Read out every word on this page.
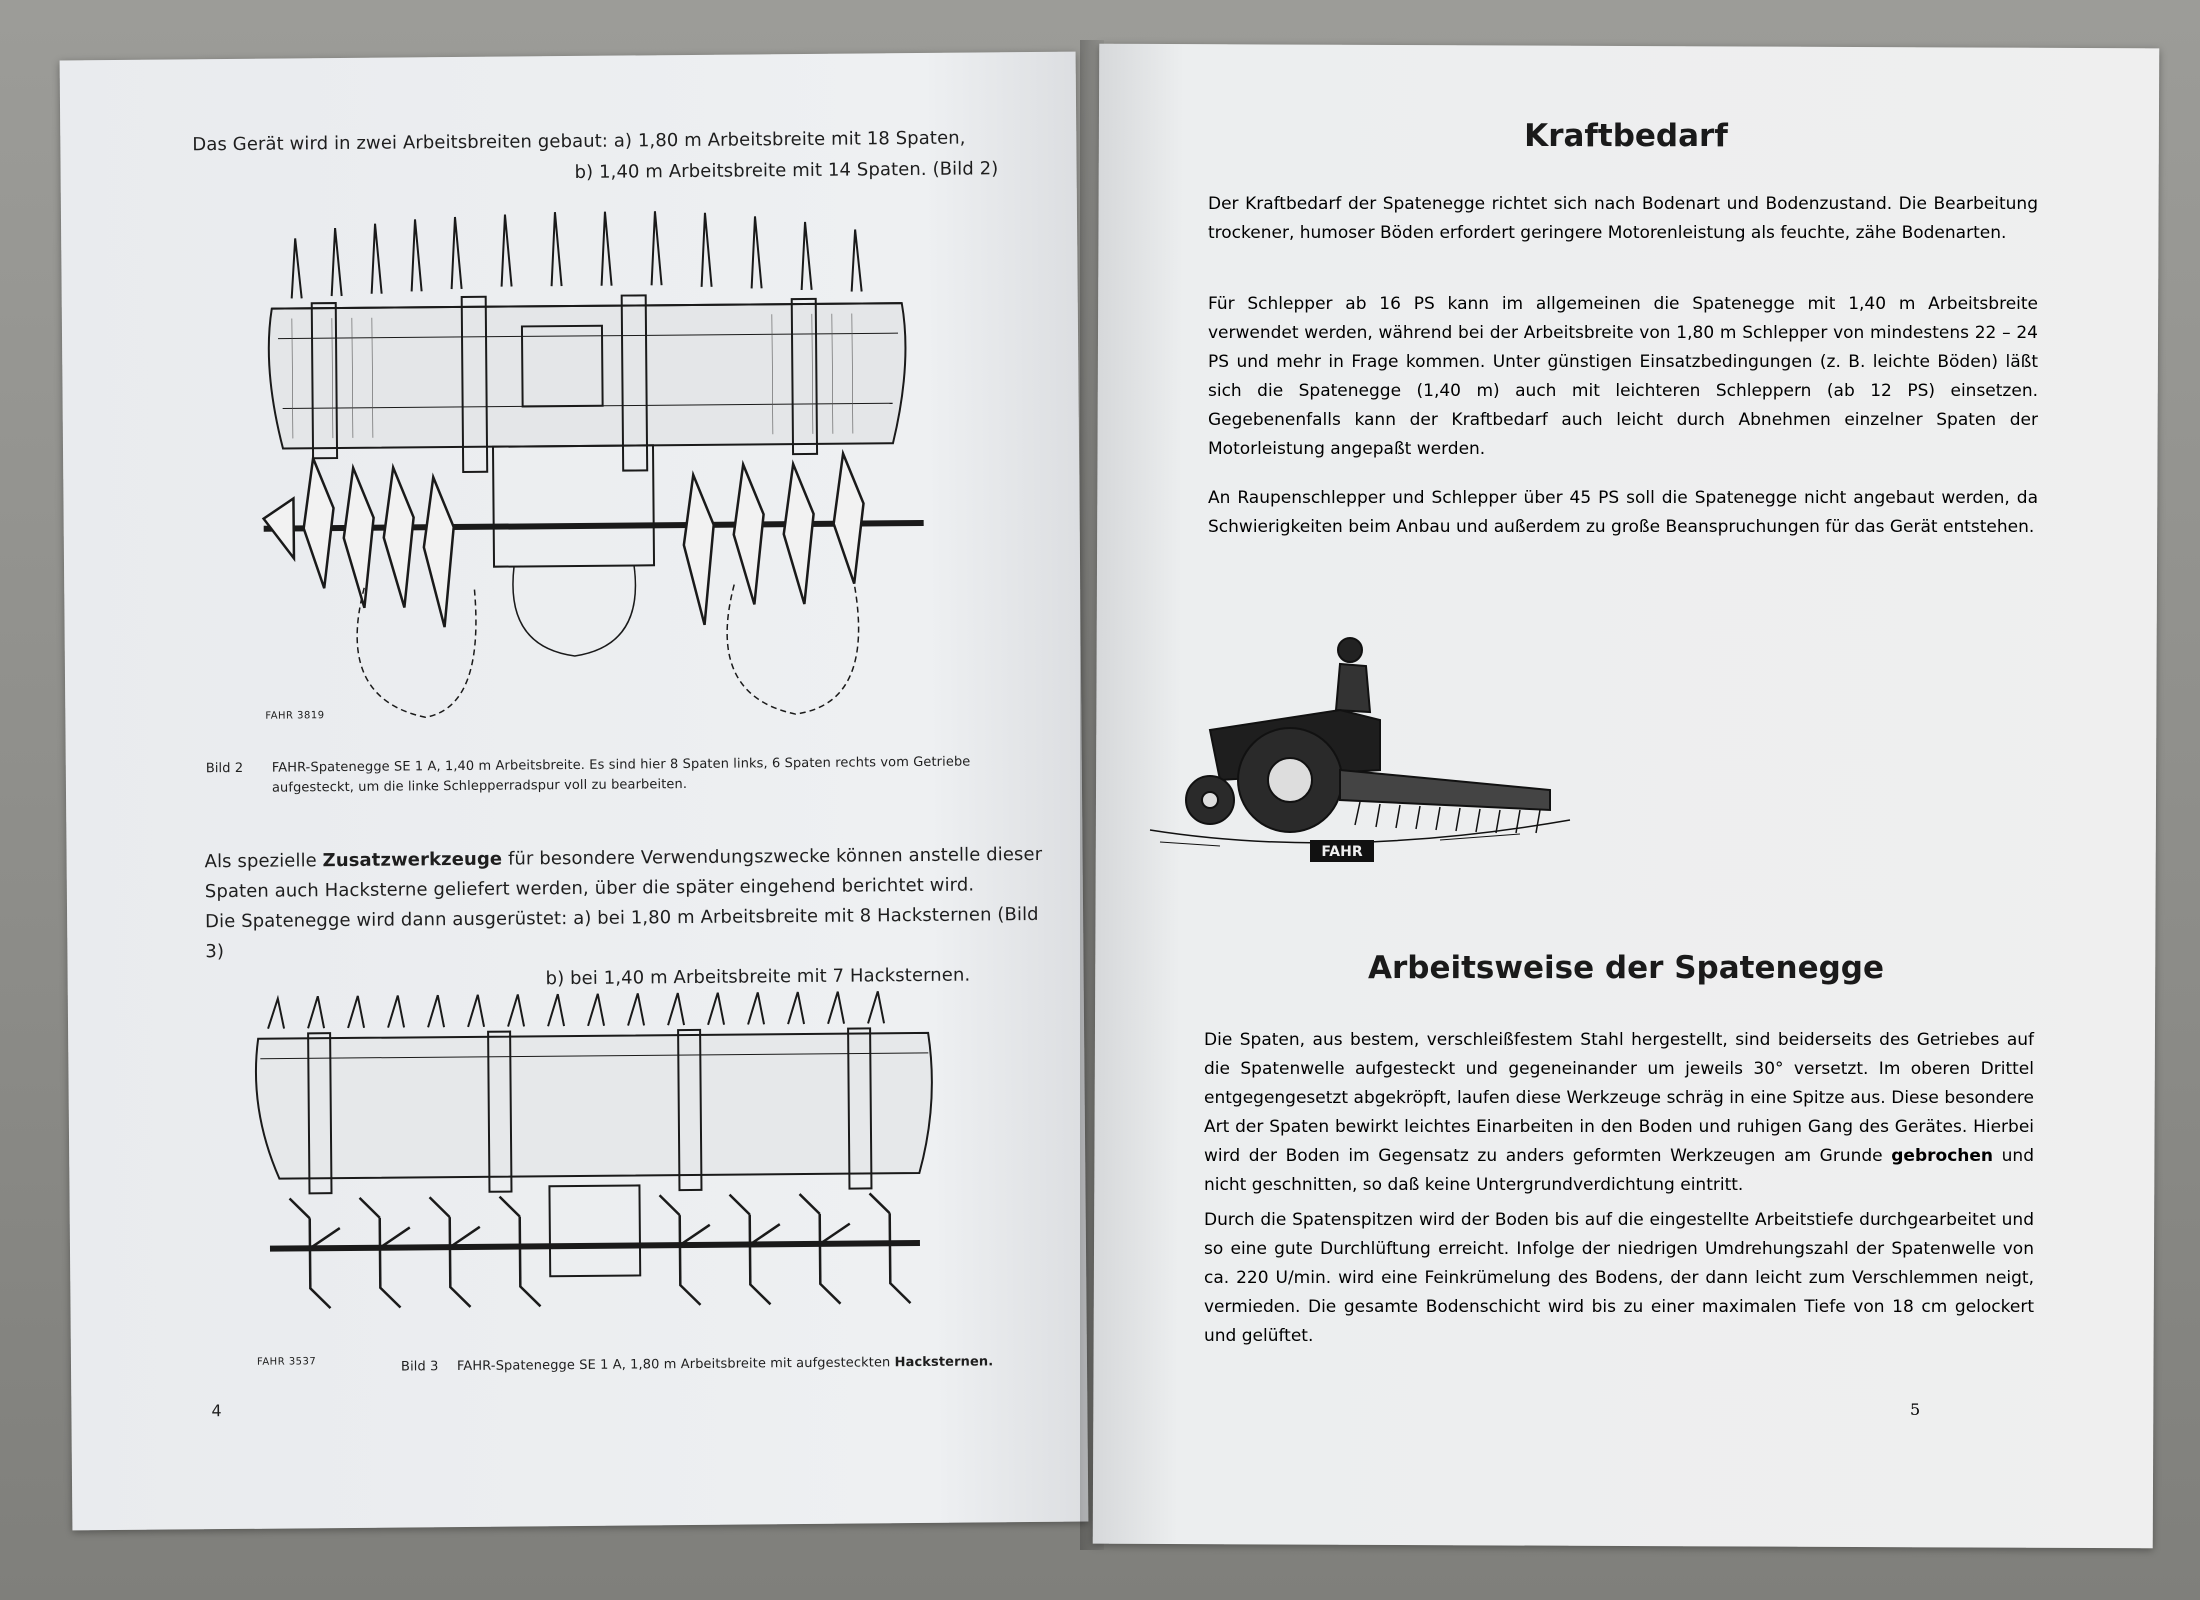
Das Gerät wird in zwei Arbeitsbreiten gebaut: a) 1,80 m Arbeitsbreite mit 18 Spaten,
b) 1,40 m Arbeitsbreite mit 14 Spaten. (Bild 2)
FAHR 3819
Bild 2 FAHR-Spatenegge SE 1 A, 1,40 m Arbeitsbreite. Es sind hier 8 Spaten links, 6 Spaten rechts vom Getriebe
aufgesteckt, um die linke Schlepperradspur voll zu bearbeiten.
Als spezielle Zusatzwerkzeuge für besondere Verwendungszwecke können anstelle dieser
Spaten auch Hacksterne geliefert werden, über die später eingehend berichtet wird.
Die Spatenegge wird dann ausgerüstet: a) bei 1,80 m Arbeitsbreite mit 8 Hacksternen (Bild 3)
b) bei 1,40 m Arbeitsbreite mit 7 Hacksternen.
FAHR 3537	Bild 3 FAHR-Spatenegge SE 1 A, 1,80 m Arbeitsbreite mit aufgesteckten Hacksternen.
4
Kraftbedarf
Der Kraftbedarf der Spatenegge richtet sich nach Bodenart und Bodenzustand. Die Bearbeitung trockener, humoser Böden erfordert geringere Motorenleistung als feuchte, zähe Bodenarten.
Für Schlepper ab 16 PS kann im allgemeinen die Spatenegge mit 1,40 m Arbeitsbreite verwendet werden, während bei der Arbeitsbreite von 1,80 m Schlepper von mindestens 22 – 24 PS und mehr in Frage kommen. Unter günstigen Einsatzbedingungen (z. B. leichte Böden) läßt sich die Spatenegge (1,40 m) auch mit leichteren Schleppern (ab 12 PS) einsetzen. Gegebenenfalls kann der Kraftbedarf auch leicht durch Abnehmen einzelner Spaten der Motorleistung angepaßt werden.
An Raupenschlepper und Schlepper über 45 PS soll die Spatenegge nicht angebaut werden, da Schwierigkeiten beim Anbau und außerdem zu große Beanspruchungen für das Gerät entstehen.
FAHR
Arbeitsweise der Spatenegge
Die Spaten, aus bestem, verschleißfestem Stahl hergestellt, sind beiderseits des Getriebes auf die Spatenwelle aufgesteckt und gegeneinander um jeweils 30° versetzt. Im oberen Drittel entgegengesetzt abgekröpft, laufen diese Werkzeuge schräg in eine Spitze aus. Diese besondere Art der Spaten bewirkt leichtes Einarbeiten in den Boden und ruhigen Gang des Gerätes. Hierbei wird der Boden im Gegensatz zu anders geformten Werkzeugen am Grunde gebrochen und nicht geschnitten, so daß keine Untergrundverdichtung eintritt.
Durch die Spatenspitzen wird der Boden bis auf die eingestellte Arbeitstiefe durchgearbeitet und so eine gute Durchlüftung erreicht. Infolge der niedrigen Umdrehungszahl der Spatenwelle von ca. 220 U/min. wird eine Feinkrümelung des Bodens, der dann leicht zum Verschlemmen neigt, vermieden. Die gesamte Bodenschicht wird bis zu einer maximalen Tiefe von 18 cm gelockert und gelüftet.
5
